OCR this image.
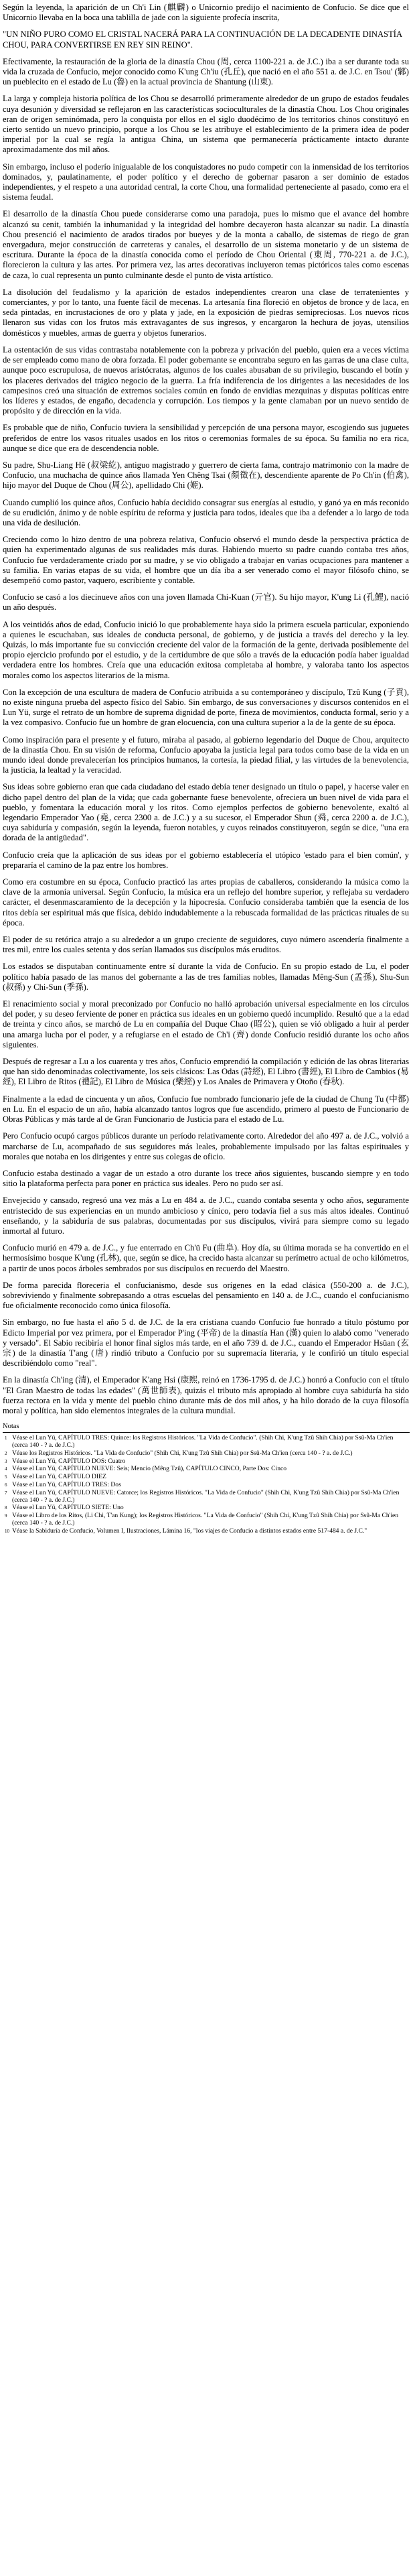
Según la leyenda, la aparición de un Ch'i Lin (麒麟) o Unicornio predijo el nacimiento de Confucio. Se dice que el Unicornio llevaba en la boca una tablilla de jade con la siguiente profecía inscrita,

"UN NIÑO PURO COMO EL CRISTAL NACERÁ PARA LA CONTINUACIÓN DE LA DECADENTE DINASTÍA CHOU, PARA CONVERTIRSE EN REY SIN REINO".

Efectivamente, la restauración de la gloria de la dinastía Chou (周, cerca 1100-221 a. de J.C.) iba a ser durante toda su vida la cruzada de Confucio, mejor conocido como K'ung Ch'iu (孔丘), que nació en el año 551 a. de J.C. en Tsou' (鄹) un pueblecito en el estado de Lu (魯) en la actual provincia de Shantung (山東).

La larga y compleja historia política de los Chou se desarrolló primeramente alrededor de un grupo de estados feudales cuya desunión y diversidad se reflejaron en las características socioculturales de la dinastía Chou. Los Chou originales eran de origen seminómada, pero la conquista por ellos en el siglo duodécimo de los territorios chinos constituyó en cierto sentido un nuevo principio, porque a los Chou se les atribuye el establecimiento de la primera idea de poder imperial por la cual se regía la antigua China, un sistema que permanecería prácticamente intacto durante aproximadamente dos mil años.

Sin embargo, incluso el poderío inigualable de los conquistadores no pudo competir con la inmensidad de los territorios dominados, y, paulatinamente, el poder político y el derecho de gobernar pasaron a ser dominio de estados independientes, y el respeto a una autoridad central, la corte Chou, una formalidad perteneciente al pasado, como era el sistema feudal.

El desarrollo de la dinastía Chou puede considerarse como una paradoja, pues lo mismo que el avance del hombre alcanzó su cenit, también la inhumanidad y la integridad del hombre decayeron hasta alcanzar su nadir. La dinastía Chou presenció el nacimiento de arados tirados por bueyes y de la monta a caballo, de sistemas de riego de gran envergadura, mejor construcción de carreteras y canales, el desarrollo de un sistema monetario y de un sistema de escritura. Durante la época de la dinastía conocida como el período de Chou Oriental (東周, 770-221 a. de J.C.), florecieron la cultura y las artes. Por primera vez, las artes decorativas incluyeron temas pictóricos tales como escenas de caza, lo cual representa un punto culminante desde el punto de vista artístico.

La disolución del feudalismo y la aparición de estados independientes crearon una clase de terratenientes y comerciantes, y por lo tanto, una fuente fácil de mecenas. La artesanía fina floreció en objetos de bronce y de laca, en seda pintadas, en incrustaciones de oro y plata y jade, en la exposición de piedras semipreciosas. Los nuevos ricos llenaron sus vidas con los frutos más extravagantes de sus ingresos, y encargaron la hechura de joyas, utensilios domésticos y muebles, armas de guerra y objetos funerarios.

La ostentación de sus vidas contrastaba notablemente con la pobreza y privación del pueblo, quien era a veces víctima de ser empleado como mano de obra forzada. El poder gobernante se encontraba seguro en las garras de una clase culta, aunque poco escrupulosa, de nuevos aristócratas, algunos de los cuales abusaban de su privilegio, buscando el botín y los placeres derivados del trágico negocio de la guerra. La fría indiferencia de los dirigentes a las necesidades de los campesinos creó una situación de extremos sociales común en fondo de envidias mezquinas y disputas políticas entre los líderes y estados, de engaño, decadencia y corrupción. Los tiempos y la gente clamaban por un nuevo sentido de propósito y de dirección en la vida.

Es probable que de niño, Confucio tuviera la sensibilidad y percepción de una persona mayor, escogiendo sus juguetes preferidos de entre los vasos rituales usados en los ritos o ceremonias formales de su época. Su familia no era rica, aunque se dice que era de descendencia noble.

Su padre, Shu-Liang Hê (叔梁紇), antiguo magistrado y guerrero de cierta fama, contrajo matrimonio con la madre de Confucio, una muchacha de quince años llamada Yen Chêng Tsai (顏徵在), descendiente aparente de Po Ch'in (伯禽), hijo mayor del Duque de Chou (周公), apellidado Chi (姬).

Cuando cumplió los quince años, Confucio había decidido consagrar sus energías al estudio, y ganó ya en más reconido de su erudición, ánimo y de noble espíritu de reforma y justicia para todos, ideales que iba a defender a lo largo de toda una vida de desilución.

Creciendo como lo hizo dentro de una pobreza relativa, Confucio observó el mundo desde la perspectiva práctica de quien ha experimentado algunas de sus realidades más duras. Habiendo muerto su padre cuando contaba tres años, Confucio fue verdaderamente criado por su madre, y se vio obligado a trabajar en varias ocupaciones para mantener a su familia. En varias etapas de su vida, el hombre que un día iba a ser venerado como el mayor filósofo chino, se desempeñó como pastor, vaquero, escribiente y contable.

Confucio se casó a los diecinueve años con una joven llamada Chi-Kuan (亓官). Su hijo mayor, K'ung Li (孔鯉), nació un año después.

A los veintidós años de edad, Confucio inició lo que probablemente haya sido la primera escuela particular, exponiendo a quienes le escuchaban, sus ideales de conducta personal, de gobierno, y de justicia a través del derecho y la ley. Quizás, lo más importante fue su convicción creciente del valor de la formación de la gente, derivada posiblemente del propio ejercicio profundo por el estudio, y de la certidumbre de que sólo a través de la educación podía haber igualdad verdadera entre los hombres. Creía que una educación exitosa completaba al hombre, y valoraba tanto los aspectos morales como los aspectos literarios de la misma.

Con la excepción de una escultura de madera de Confucio atribuida a su contemporáneo y discípulo, Tzû Kung (子貢), no existe ninguna prueba del aspecto físico del Sabio. Sin embargo, de sus conversaciones y discursos contenidos en el Lun Yü, surge el retrato de un hombre de suprema dignidad de porte, fineza de movimientos, conducta formal, serio y a la vez compasivo. Confucio fue un hombre de gran elocuencia, con una cultura superior a la de la gente de su época.

Como inspiración para el presente y el futuro, miraba al pasado, al gobierno legendario del Duque de Chou, arquitecto de la dinastía Chou. En su visión de reforma, Confucio apoyaba la justicia legal para todos como base de la vida en un mundo ideal donde prevalecerían los principios humanos, la cortesía, la piedad filial, y las virtudes de la benevolencia, la justicia, la lealtad y la veracidad.

Sus ideas sobre gobierno eran que cada ciudadano del estado debía tener designado un título o papel, y hacerse valer en dicho papel dentro del plan de la vida; que cada gobernante fuese benevolente, ofreciera un buen nivel de vida para el pueblo, y fomentara la educación moral y los ritos. Como ejemplos perfectos de gobierno benevolente, exaltó al legendario Emperador Yao (堯, cerca 2300 a. de J.C.) y a su sucesor, el Emperador Shun (舜, cerca 2200 a. de J.C.), cuya sabiduría y compasión, según la leyenda, fueron notables, y cuyos reinados constituyeron, según se dice, "una era dorada de la antigüedad".

Confucio creía que la aplicación de sus ideas por el gobierno establecería el utópico 'estado para el bien común', y prepararía el camino de la paz entre los hombres.

Como era costumbre en su época, Confucio practicó las artes propias de caballeros, considerando la música como la clave de la armonía universal. Según Confucio, la música era un reflejo del hombre superior, y reflejaba su verdadero carácter, el desenmascaramiento de la decepción y la hipocresía. Confucio consideraba también que la esencia de los ritos debía ser espiritual más que física, debido indudablemente a la rebuscada formalidad de las prácticas rituales de su época.

El poder de su retórica atrajo a su alrededor a un grupo creciente de seguidores, cuyo número ascendería finalmente a tres mil, entre los cuales setenta y dos serían llamados sus discípulos más eruditos.

Los estados se disputaban continuamente entre sí durante la vida de Confucio. En su propio estado de Lu, el poder político había pasado de las manos del gobernante a las de tres familias nobles, llamadas Mêng-Sun (孟孫), Shu-Sun (叔孫) y Chi-Sun (季孫).

El renacimiento social y moral preconizado por Confucio no halló aprobación universal especialmente en los círculos del poder, y su deseo ferviente de poner en práctica sus ideales en un gobierno quedó incumplido. Resultó que a la edad de treinta y cinco años, se marchó de Lu en compañía del Duque Chao (昭公), quien se vió obligado a huir al perder una amarga lucha por el poder, y a refugiarse en el estado de Ch'i (齊) donde Confucio residió durante los ocho años siguientes.

Después de regresar a Lu a los cuarenta y tres años, Confucio emprendió la compilación y edición de las obras literarias que han sido denominadas colectivamente, los seis clásicos: Las Odas (詩經), El Libro (書經), El Libro de Cambios (易經), El Libro de Ritos (禮記), El Libro de Música (樂經) y Los Anales de Primavera y Otoño (春秋).

Finalmente a la edad de cincuenta y un años, Confucio fue nombrado funcionario jefe de la ciudad de Chung Tu (中都) en Lu. En el espacio de un año, había alcanzado tantos logros que fue ascendido, primero al puesto de Funcionario de Obras Públicas y más tarde al de Gran Funcionario de Justicia para el estado de Lu.

Pero Confucio ocupó cargos públicos durante un período relativamente corto. Alrededor del año 497 a. de J.C., volvió a marcharse de Lu, acompañado de sus seguidores más leales, probablemente impulsado por las faltas espirituales y morales que notaba en los dirigentes y entre sus colegas de oficio.

Confucio estaba destinado a vagar de un estado a otro durante los trece años siguientes, buscando siempre y en todo sitio la plataforma perfecta para poner en práctica sus ideales. Pero no pudo ser así.

Envejecido y cansado, regresó una vez más a Lu en 484 a. de J.C., cuando contaba sesenta y ocho años, seguramente entristecido de sus experiencias en un mundo ambicioso y cínico, pero todavía fiel a sus más altos ideales. Continuó enseñando, y la sabiduría de sus palabras, documentadas por sus discípulos, vivirá para siempre como su legado inmortal al futuro.

Confucio murió en 479 a. de J.C., y fue enterrado en Ch'ü Fu (曲阜). Hoy día, su última morada se ha convertido en el hermosísimo bosque K'ung (孔林), que, según se dice, ha crecido hasta alcanzar su perímetro actual de ocho kilómetros, a partir de unos pocos árboles sembrados por sus discípulos en recuerdo del Maestro.

De forma parecida floreceria el confucianismo, desde sus orígenes en la edad clásica (550-200 a. de J.C.), sobreviviendo y finalmente sobrepasando a otras escuelas del pensamiento en 140 a. de J.C., cuando el confucianismo fue oficialmente reconocido como única filosofía.

Sin embargo, no fue hasta el año 5 d. de J.C. de la era cristiana cuando Confucio fue honrado a título póstumo por Edicto Imperial por vez primera, por el Emperador P'ing (平帝) de la dinastía Han (漢) quien lo alabó como "venerado y versado". El Sabio recibiría el honor final siglos más tarde, en el año 739 d. de J.C., cuando el Emperador Hsüan (玄宗) de la dinastía T'ang (唐) rindió tributo a Confucio por su supremacía literaria, y le confirió un título especial describiéndolo como "real".

En la dinastía Ch'ing (清), el Emperador K'ang Hsi (康熙, reinó en 1736-1795 d. de J.C.) honró a Confucio con el título "El Gran Maestro de todas las edades" (萬世師表), quizás el tributo más apropiado al hombre cuya sabiduría ha sido fuerza rectora en la vida y mente del pueblo chino durante más de dos mil años, y ha hilo dorado de la cuya filosofía moral y política, han sido elementos integrales de la cultura mundial.

Notas
1 Véase el Lun Yü, CAPÍTULO TRES: Quince: los Registros Históricos. "La Vida de Confucio". (Shih Chi, K'ung Tzû Shih Chia) por Ssû-Ma Ch'ien (cerca 140 - ? a. de J.C.)
2 Véase los Registros Históricos. "La Vida de Confucio" (Shih Chi, K'ung Tzû Shih Chia) por Ssû-Ma Ch'ien (cerca 140 - ? a. de J.C.)
3 Véase el Lun Yü, CAPÍTULO DOS: Cuatro
4 Véase el Lun Yü, CAPÍTULO NUEVE: Seis; Mencio (Mêng Tzû), CAPÍTULO CINCO, Parte Dos: Cinco
5 Véase el Lun Yü, CAPÍTULO DIEZ
6 Véase el Lun Yü, CAPÍTULO TRES: Dos
7 Véase el Lun Yü, CAPÍTULO NUEVE: Catorce; los Registros Históricos. "La Vida de Confucio" (Shih Chi, K'ung Tzû Shih Chia) por Ssû-Ma Ch'ien (cerca 140 - ? a. de J.C.)
8 Véase el Lun Yü, CAPÍTULO SIETE: Uno
9 Véase el Libro de los Ritos, (Li Chi, T'an Kung); los Registros Históricos. "La Vida de Confucio" (Shih Chi, K'ung Tzû Shih Chia) por Ssû-Ma Ch'ien (cerca 140 - ? a. de J.C.)
10 Véase la Sabiduría de Confucio, Volumen I, Ilustraciones, Lámina 16, "los viajes de Confucio a distintos estados entre 517-484 a. de J.C."
